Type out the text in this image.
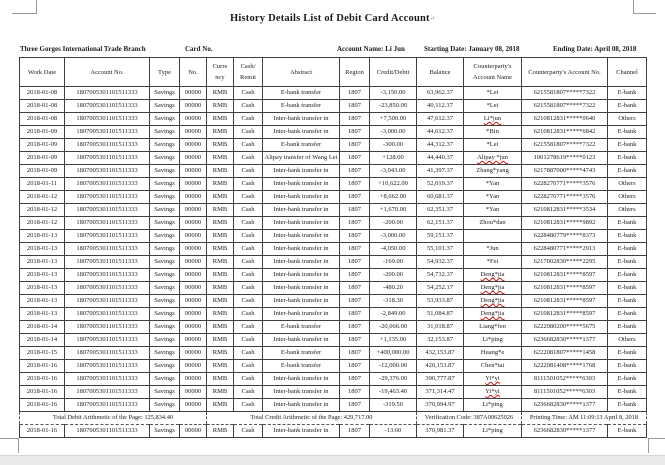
History Details List of Debit Card Account↵
Three Gorges International Trade Branch	Card No.	Account Name: Li Jun	Starting Date: January 08, 2018	Ending Date: April 08, 2018
Work Date	Account No.	Type	No.	Curre ncy	Cash/ Remit	Abstract	Region	Credit/Debit	Balance	Counterparty's Account Name	Counterparty's Account No.	Channel
2018-01-08	1807005301101511333	Savings	00000	RMB	Cash	E-bank transfer	1807	-3,150.00	63,962.37	*Lei	6215581807*****7322	E-bank
2018-01-08	1807005301101511333	Savings	00000	RMB	Cash	E-bank transfer	1807	-23,850.00	40,112.37	*Lei	6215581807*****7322	E-bank
2018-01-08	1807005301101511333	Savings	00000	RMB	Cash	Inter-bank transfer in	1807	+7,500.00	47,612.37	Li*jun	6210812831*****0640	Others
2018-01-09	1807005301101511333	Savings	00000	RMB	Cash	Inter-bank transfer in	1807	-3,000.00	44,612.37	*Bin	6210812831*****6842	E-bank
2018-01-09	1807005301101511333	Savings	00000	RMB	Cash	E-bank transfer	1807	-300.00	44,312.37	*Lei	6215581807*****7322	E-bank
2018-01-09	1807005301101511333	Savings	00000	RMB	Cash	Alipay transfer of Wang Lei	1807	+128.00	44,440.37	Alipay *jun	1001278619*****0123	E-bank
2018-01-09	1807005301101511333	Savings	00000	RMB	Cash	Inter-bank transfer in	1807	-3,043.00	41,397.37	Zhang*yang	6217887000*****4743	E-bank
2018-01-11	1807005301101511333	Savings	00000	RMB	Cash	Inter-bank transfer in	1807	+10,622.00	52,019.37	*Yan	6228270771*****3576	Others
2018-01-12	1807005301101511333	Savings	00000	RMB	Cash	Inter-bank transfer in	1807	+8,662.00	60,681.37	*Yan	6228270771*****3576	Others
2018-01-12	1807005301101511333	Savings	00000	RMB	Cash	Inter-bank transfer in	1807	+1,670.00	62,351.37	*Yan	6210812831*****3534	Others
2018-01-12	1807005301101511333	Savings	00000	RMB	Cash	Inter-bank transfer in	1807	-200.00	62,151.37	Zhou*dan	6210812831*****9892	E-bank
2018-01-13	1807005301101511333	Savings	00000	RMB	Cash	Inter-bank transfer in	1807	-3,000.00	59,151.37		6228480779*****8373	E-bank
2018-01-13	1807005301101511333	Savings	00000	RMB	Cash	Inter-bank transfer in	1807	-4,050.00	55,101.37	*Jun	6228480771*****2913	E-bank
2018-01-13	1807005301101511333	Savings	00000	RMB	Cash	Inter-bank transfer in	1807	-169.00	54,932.37	*Fei	6217002830*****2295	E-bank
2018-01-13	1807005301101511333	Savings	00000	RMB	Cash	Inter-bank transfer in	1807	-200.00	54,732.37	Deng*jia	6210812831*****8597	E-bank
2018-01-13	1807005301101511333	Savings	00000	RMB	Cash	Inter-bank transfer in	1807	-480.20	54,252.17	Deng*jia	6210812831*****8597	E-bank
2018-01-13	1807005301101511333	Savings	00000	RMB	Cash	Inter-bank transfer in	1807	-318.30	53,933.87	Deng*jia	6210812831*****8597	E-bank
2018-01-13	1807005301101511333	Savings	00000	RMB	Cash	Inter-bank transfer in	1807	-2,849.00	51,084.87	Deng*jia	6210812831*****8597	E-bank
2018-01-14	1807005301101511333	Savings	00000	RMB	Cash	E-bank transfer	1807	-20,066.00	31,018.87	Liang*fen	6222080200*****5675	E-bank
2018-01-14	1807005301101511333	Savings	00000	RMB	Cash	Inter-bank transfer in	1807	+1,135.00	32,153.87	Li*ping	6236682830*****1377	Others
2018-01-15	1807005301101511333	Savings	00000	RMB	Cash	E-bank transfer	1807	+400,000.00	432,153.87	Huang*e	6222081807*****1458	E-bank
2018-01-16	1807005301101511333	Savings	00000	RMB	Cash	E-bank transfer	1807	-12,000.00	420,153.87	Chen*tai	6222081408*****1768	E-bank
2018-01-16	1807005301101511333	Savings	00000	RMB	Cash	Inter-bank transfer in	1807	-29,376.00	390,777.87	Yi*yi	8111501052*****6303	E-bank
2018-01-16	1807005301101511333	Savings	00000	RMB	Cash	Inter-bank transfer in	1807	-19,463.40	371,314.47	Yi*yi	8111501052*****6303	E-bank
2018-01-16	1807005301101511333	Savings	00000	RMB	Cash	Inter-bank transfer in	1807	-319.50	370,994.97	Li*ping	6236682830*****1377	E-bank
Total Debit Arithmetic of the Page: 125,834.40				Total Credit Arithmetic of the Page: 429,717.00					Verification Code: 387A00625026		Printing Time: AM 11:09:13 April 8, 2018	
2018-01-16	1807005301101511333	Savings	00000	RMB	Cash	Inter-bank transfer in	1807	-13.60	370,981.37	Li*ping	6236682830*****1377	E-bank
